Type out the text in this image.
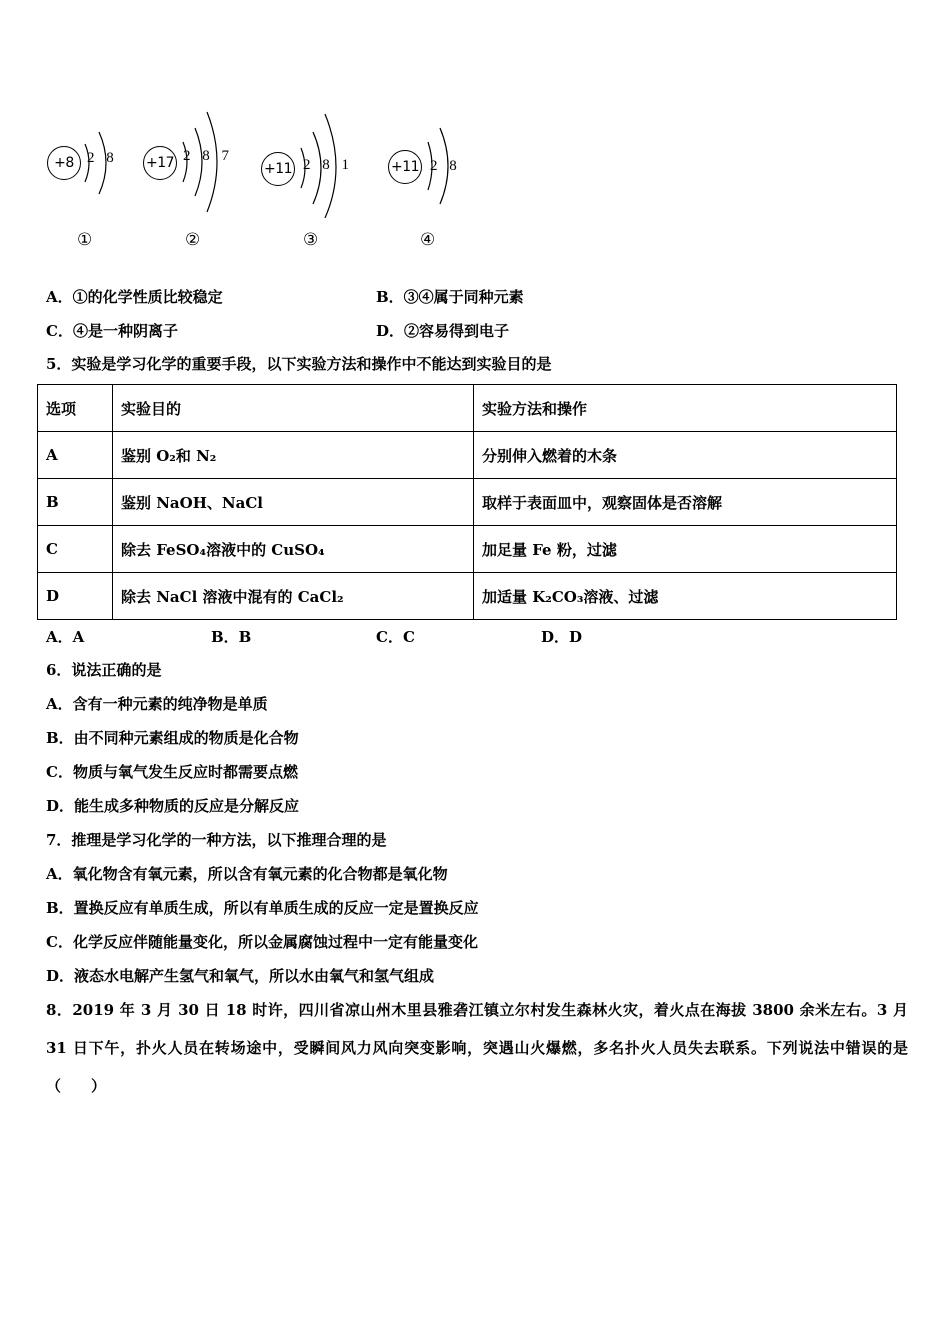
+8 2 8
①
+17 2 8 7
②
+11 2 8 1
③
+11 2 8
④
A．①的化学性质比较稳定	B．③④属于同种元素
C．④是一种阴离子	D．②容易得到电子
5．实验是学习化学的重要手段，以下实验方法和操作中不能达到实验目的是
选项	实验目的	实验方法和操作
A	鉴别 O₂和 N₂	分别伸入燃着的木条
B	鉴别 NaOH、NaCl	取样于表面皿中，观察固体是否溶解
C	除去 FeSO₄溶液中的 CuSO₄	加足量 Fe 粉，过滤
D	除去 NaCl 溶液中混有的 CaCl₂	加适量 K₂CO₃溶液、过滤
A．A	B．B	C．C	D．D
6．说法正确的是
A．含有一种元素的纯净物是单质
B．由不同种元素组成的物质是化合物
C．物质与氧气发生反应时都需要点燃
D．能生成多种物质的反应是分解反应
7．推理是学习化学的一种方法，以下推理合理的是
A．氧化物含有氧元素，所以含有氧元素的化合物都是氧化物
B．置换反应有单质生成，所以有单质生成的反应一定是置换反应
C．化学反应伴随能量变化，所以金属腐蚀过程中一定有能量变化
D．液态水电解产生氢气和氧气，所以水由氧气和氢气组成
8．2019 年 3 月 30 日 18 时许，四川省凉山州木里县雅砻江镇立尔村发生森林火灾，着火点在海拔 3800 余米左右。3 月 31 日下午，扑火人员在转场途中，受瞬间风力风向突变影响，突遇山火爆燃，多名扑火人员失去联系。下列说法中错误的是（　　）
